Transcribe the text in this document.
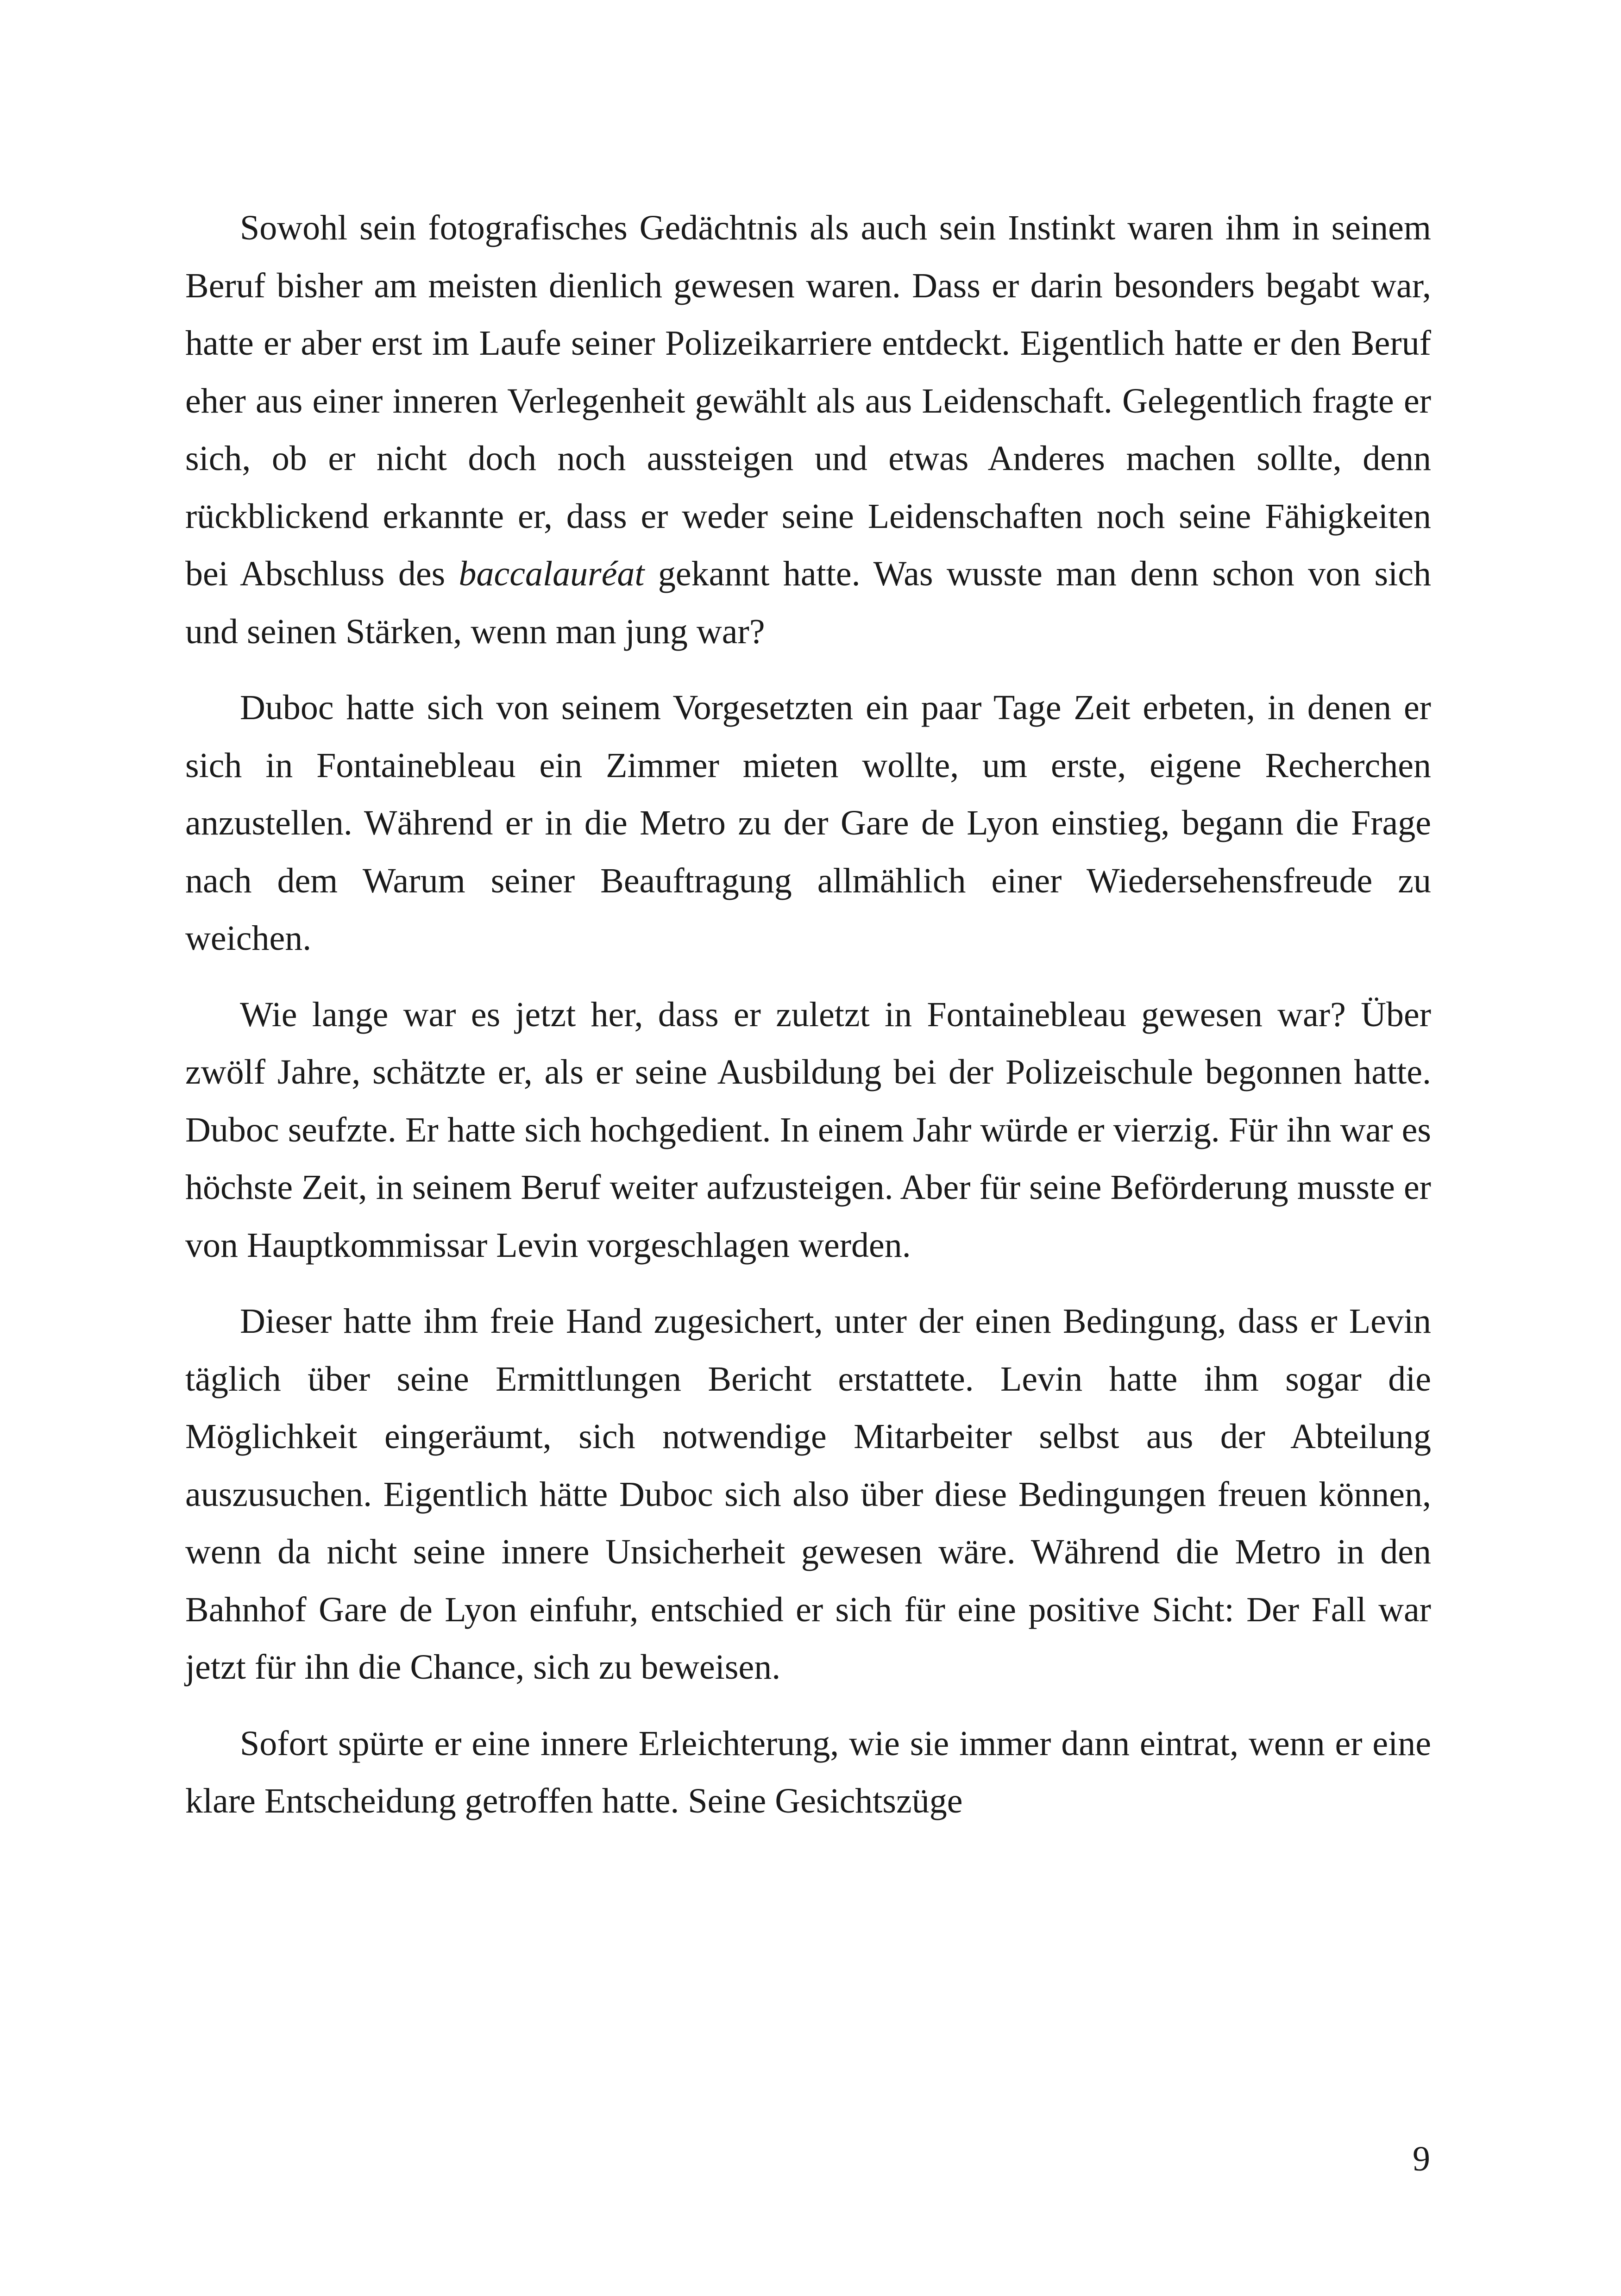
Sowohl sein fotografisches Gedächtnis als auch sein Instinkt waren ihm in seinem Beruf bisher am meisten dienlich gewesen waren. Dass er darin besonders begabt war, hatte er aber erst im Laufe seiner Polizeikarriere entdeckt. Eigentlich hatte er den Beruf eher aus einer inneren Verlegenheit gewählt als aus Leidenschaft. Gelegentlich fragte er sich, ob er nicht doch noch aussteigen und etwas Anderes machen sollte, denn rückblickend erkannte er, dass er weder seine Leidenschaften noch seine Fähigkeiten bei Abschluss des baccalauréat gekannt hatte. Was wusste man denn schon von sich und seinen Stärken, wenn man jung war?

Duboc hatte sich von seinem Vorgesetzten ein paar Tage Zeit erbeten, in denen er sich in Fontainebleau ein Zimmer mieten wollte, um erste, eigene Recherchen anzustellen. Während er in die Metro zu der Gare de Lyon einstieg, begann die Frage nach dem Warum seiner Beauftragung allmählich einer Wiedersehensfreude zu weichen.

Wie lange war es jetzt her, dass er zuletzt in Fontainebleau gewesen war? Über zwölf Jahre, schätzte er, als er seine Ausbildung bei der Polizeischule begonnen hatte. Duboc seufzte. Er hatte sich hochgedient. In einem Jahr würde er vierzig. Für ihn war es höchste Zeit, in seinem Beruf weiter aufzusteigen. Aber für seine Beförderung musste er von Hauptkommissar Levin vorgeschlagen werden.

Dieser hatte ihm freie Hand zugesichert, unter der einen Bedingung, dass er Levin täglich über seine Ermittlungen Bericht erstattete. Levin hatte ihm sogar die Möglichkeit eingeräumt, sich notwendige Mitarbeiter selbst aus der Abteilung auszusuchen. Eigentlich hätte Duboc sich also über diese Bedingungen freuen können, wenn da nicht seine innere Unsicherheit gewesen wäre. Während die Metro in den Bahnhof Gare de Lyon einfuhr, entschied er sich für eine positive Sicht: Der Fall war jetzt für ihn die Chance, sich zu beweisen.

Sofort spürte er eine innere Erleichterung, wie sie immer dann eintrat, wenn er eine klare Entscheidung getroffen hatte. Seine Gesichtszüge

9
